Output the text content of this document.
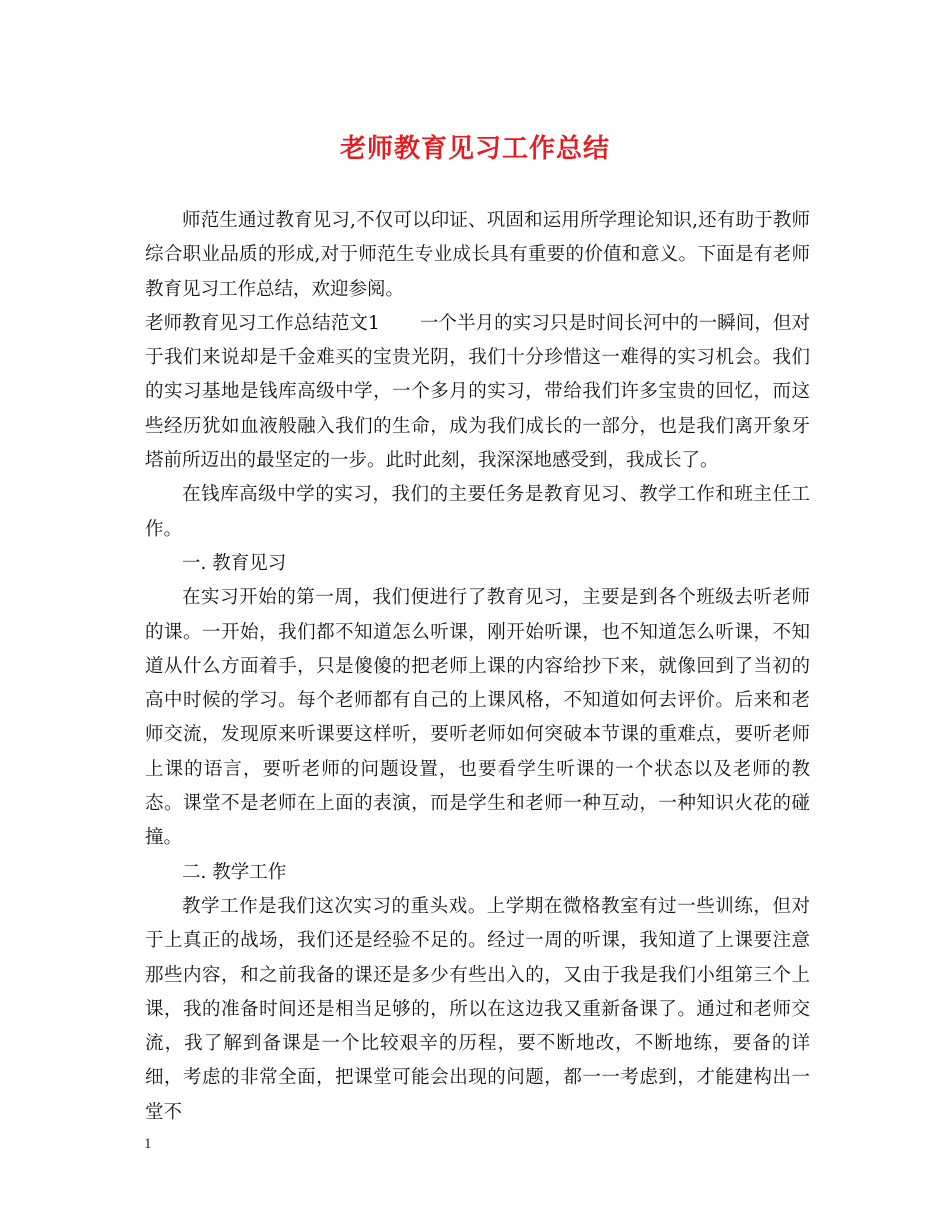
老师教育见习工作总结

师范生通过教育见习,不仅可以印证、巩固和运用所学理论知识,还有助于教师综合职业品质的形成,对于师范生专业成长具有重要的价值和意义。下面是有老师教育见习工作总结，欢迎参阅。

老师教育见习工作总结范文1 一个半月的实习只是时间长河中的一瞬间，但对于我们来说却是千金难买的宝贵光阴，我们十分珍惜这一难得的实习机会。我们的实习基地是钱库高级中学，一个多月的实习，带给我们许多宝贵的回忆，而这些经历犹如血液般融入我们的生命，成为我们成长的一部分，也是我们离开象牙塔前所迈出的最坚定的一步。此时此刻，我深深地感受到，我成长了。

在钱库高级中学的实习，我们的主要任务是教育见习、教学工作和班主任工作。

一. 教育见习

在实习开始的第一周，我们便进行了教育见习，主要是到各个班级去听老师的课。一开始，我们都不知道怎么听课，刚开始听课，也不知道怎么听课，不知道从什么方面着手，只是傻傻的把老师上课的内容给抄下来，就像回到了当初的高中时候的学习。每个老师都有自己的上课风格，不知道如何去评价。后来和老师交流，发现原来听课要这样听，要听老师如何突破本节课的重难点，要听老师上课的语言，要听老师的问题设置，也要看学生听课的一个状态以及老师的教态。课堂不是老师在上面的表演，而是学生和老师一种互动，一种知识火花的碰撞。

二. 教学工作

教学工作是我们这次实习的重头戏。上学期在微格教室有过一些训练，但对于上真正的战场，我们还是经验不足的。经过一周的听课，我知道了上课要注意那些内容，和之前我备的课还是多少有些出入的，又由于我是我们小组第三个上课，我的准备时间还是相当足够的，所以在这边我又重新备课了。通过和老师交流，我了解到备课是一个比较艰辛的历程，要不断地改，不断地练，要备的详细，考虑的非常全面，把课堂可能会出现的问题，都一一考虑到，才能建构出一堂不

1
